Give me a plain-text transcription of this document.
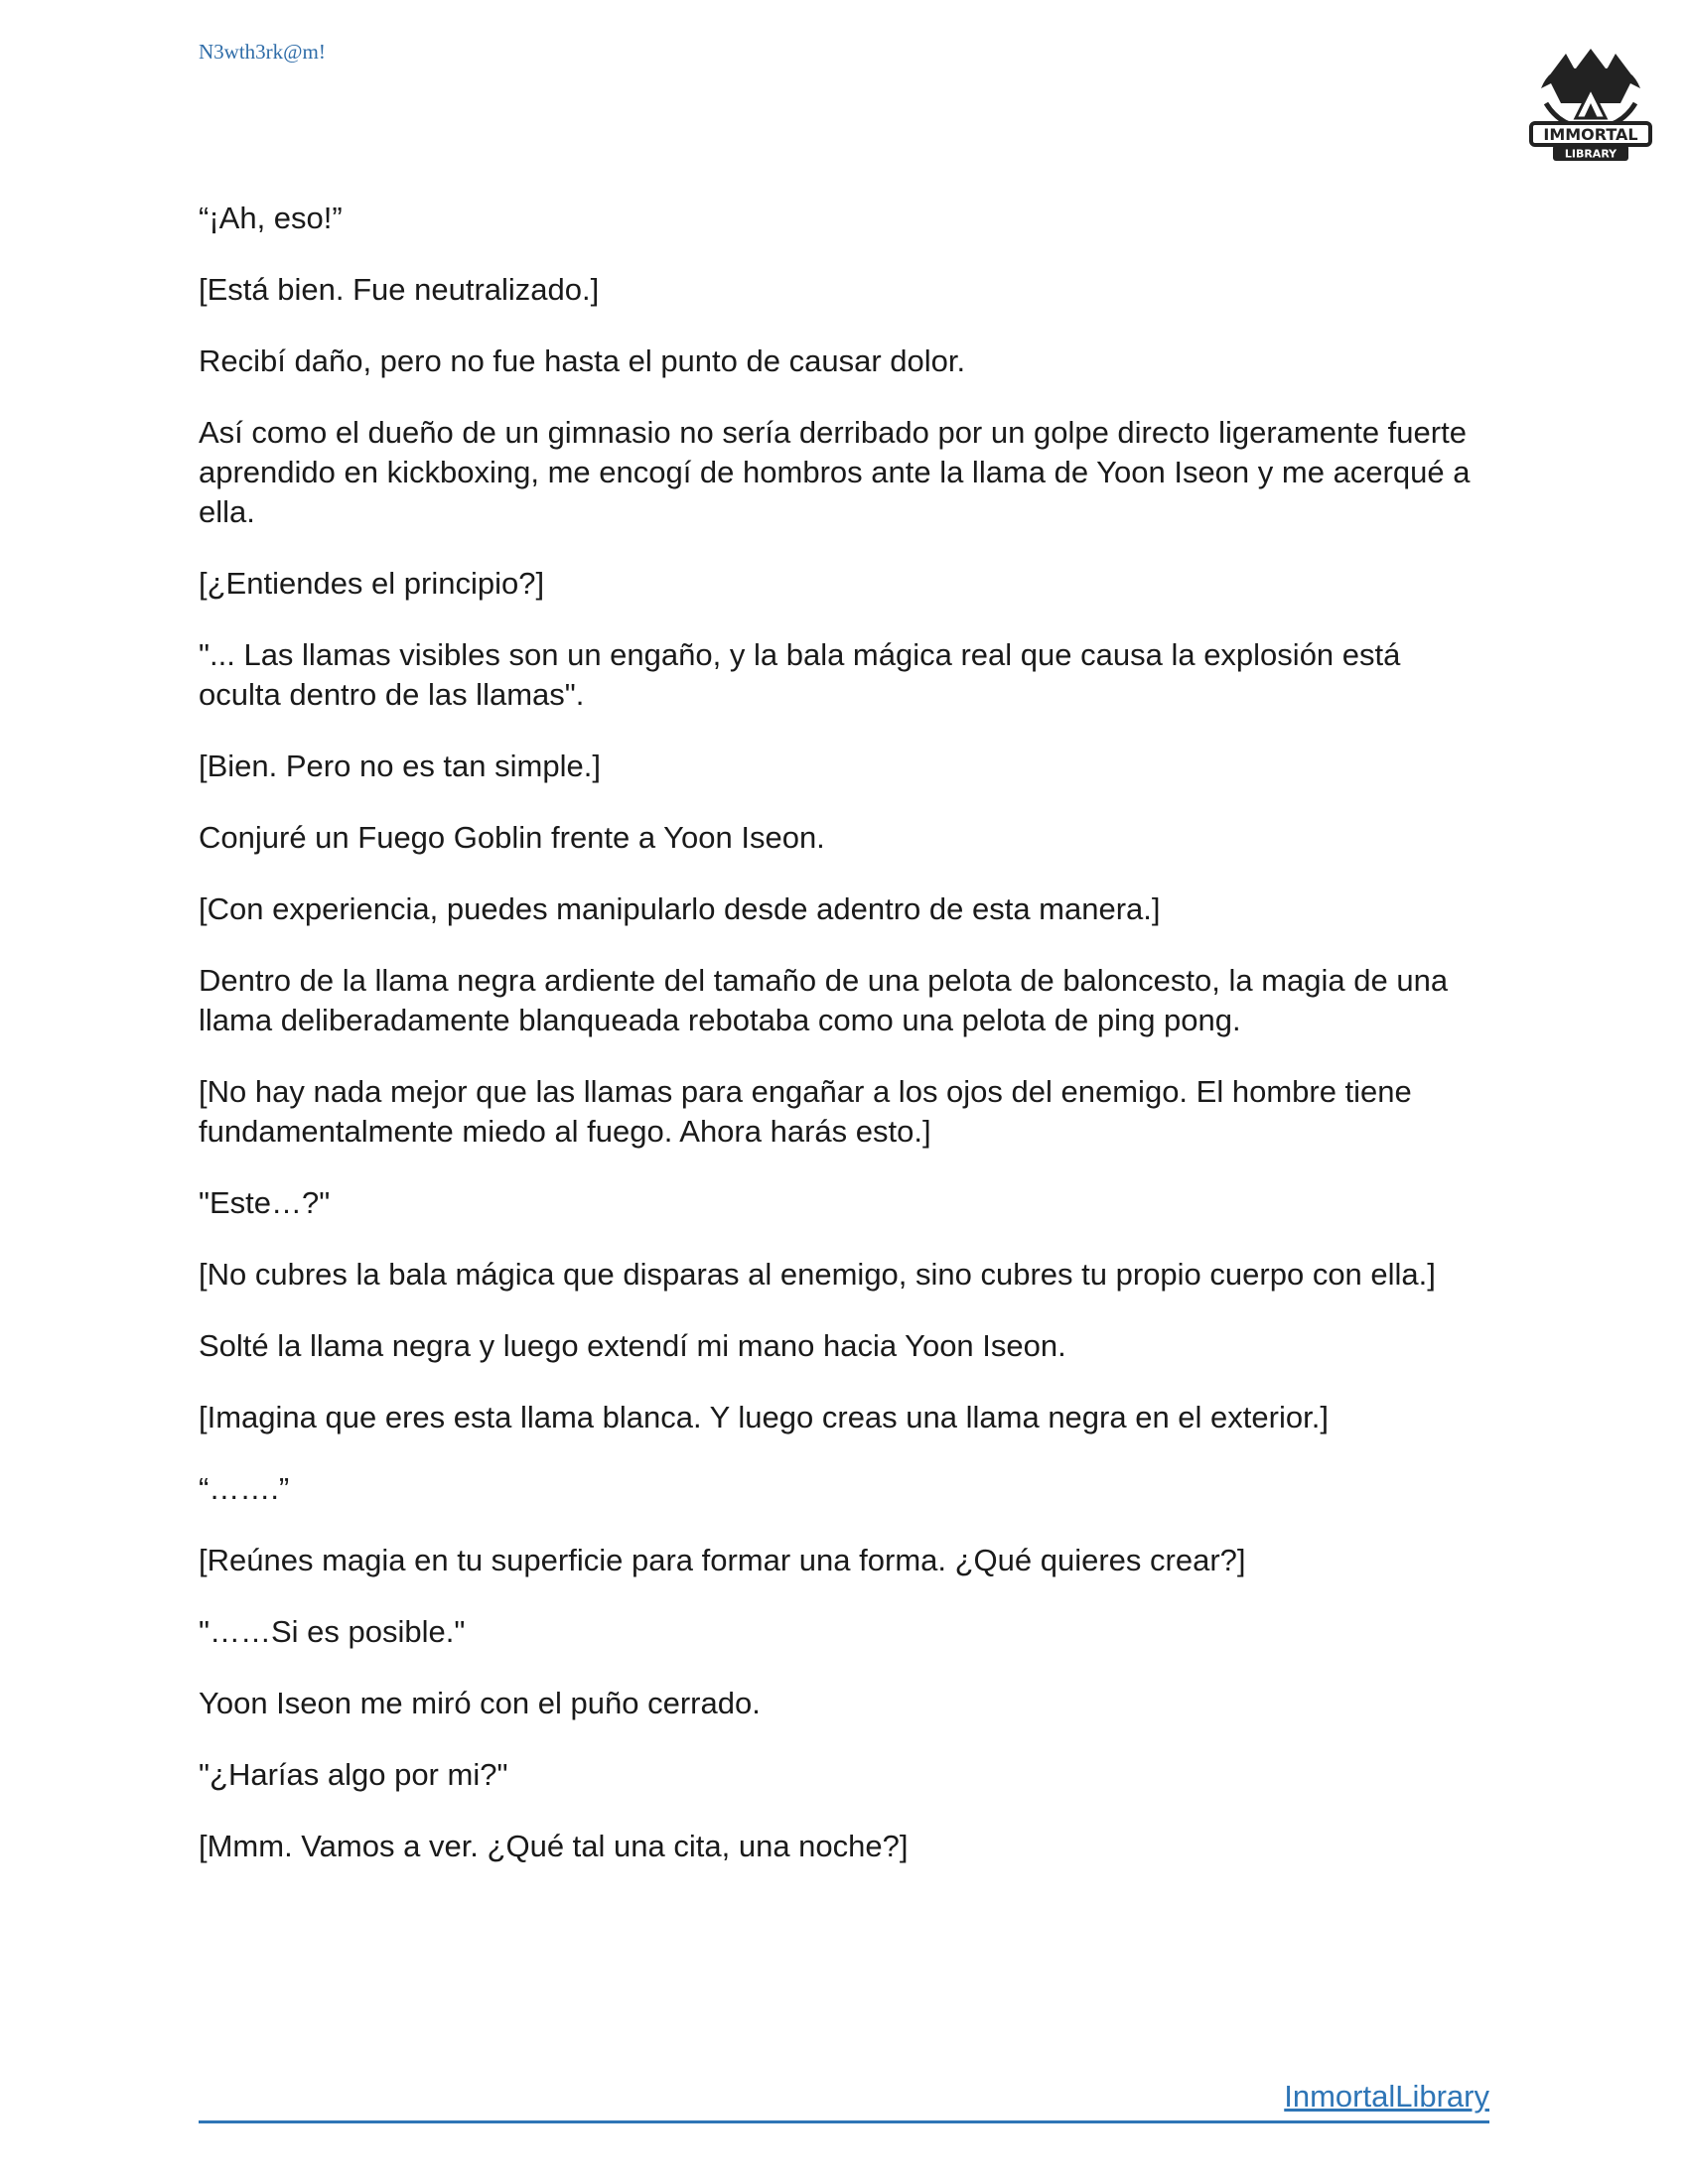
N3wth3rk@m!
IMMORTAL
LIBRARY

“¡Ah, eso!”

[Está bien. Fue neutralizado.]

Recibí daño, pero no fue hasta el punto de causar dolor.

Así como el dueño de un gimnasio no sería derribado por un golpe directo ligeramente fuerte aprendido en kickboxing, me encogí de hombros ante la llama de Yoon Iseon y me acerqué a ella.

[¿Entiendes el principio?]

"... Las llamas visibles son un engaño, y la bala mágica real que causa la explosión está oculta dentro de las llamas".

[Bien. Pero no es tan simple.]

Conjuré un Fuego Goblin frente a Yoon Iseon.

[Con experiencia, puedes manipularlo desde adentro de esta manera.]

Dentro de la llama negra ardiente del tamaño de una pelota de baloncesto, la magia de una llama deliberadamente blanqueada rebotaba como una pelota de ping pong.

[No hay nada mejor que las llamas para engañar a los ojos del enemigo. El hombre tiene fundamentalmente miedo al fuego. Ahora harás esto.]

"Este…?"

[No cubres la bala mágica que disparas al enemigo, sino cubres tu propio cuerpo con ella.]

Solté la llama negra y luego extendí mi mano hacia Yoon Iseon.

[Imagina que eres esta llama blanca. Y luego creas una llama negra en el exterior.]

“…….”

[Reúnes magia en tu superficie para formar una forma. ¿Qué quieres crear?]

"……Si es posible."

Yoon Iseon me miró con el puño cerrado.

"¿Harías algo por mi?"

[Mmm. Vamos a ver. ¿Qué tal una cita, una noche?]

InmortalLibrary
